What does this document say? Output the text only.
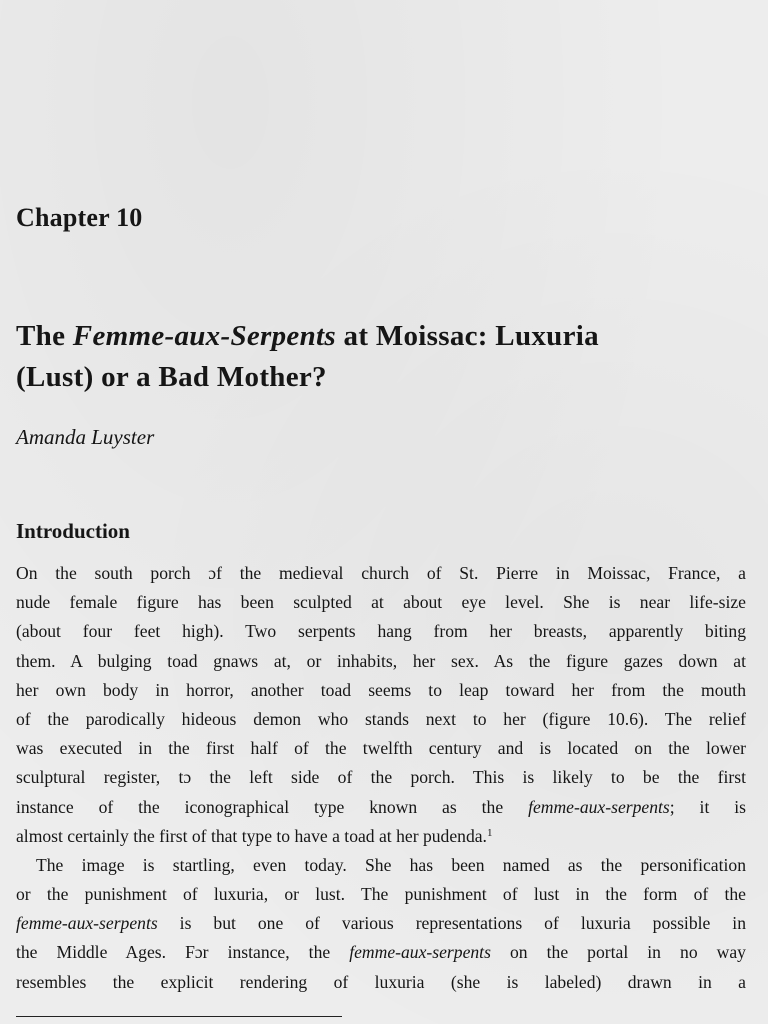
Chapter 10
The Femme-aux-Serpents at Moissac: Luxuria
(Lust) or a Bad Mother?

Amanda Luyster

Introduction
On the south porch ɔf the medieval church of St. Pierre in Moissac, France, a
nude female figure has been sculpted at about eye level. She is near life-size
(about four feet high). Two serpents hang from her breasts, apparently biting
them. A bulging toad gnaws at, or inhabits, her sex. As the figure gazes down at
her own body in horror, another toad seems to leap toward her from the mouth
of the parodically hideous demon who stands next to her (figure 10.6). The relief
was executed in the first half of the twelfth century and is located on the lower
sculptural register, tɔ the left side of the porch. This is likely to be the first
instance of the iconographical type known as the femme-aux-serpents; it is
almost certainly the first of that type to have a toad at her pudenda.$^1$
The image is startling, even today. She has been named as the personification
or the punishment of luxuria, or lust. The punishment of lust in the form of the
femme-aux-serpents is but one of various representations of luxuria possible in
the Middle Ages. Fɔr instance, the femme-aux-serpents on the portal in no way
resembles the explicit rendering of luxuria (she is labeled) drawn in a
